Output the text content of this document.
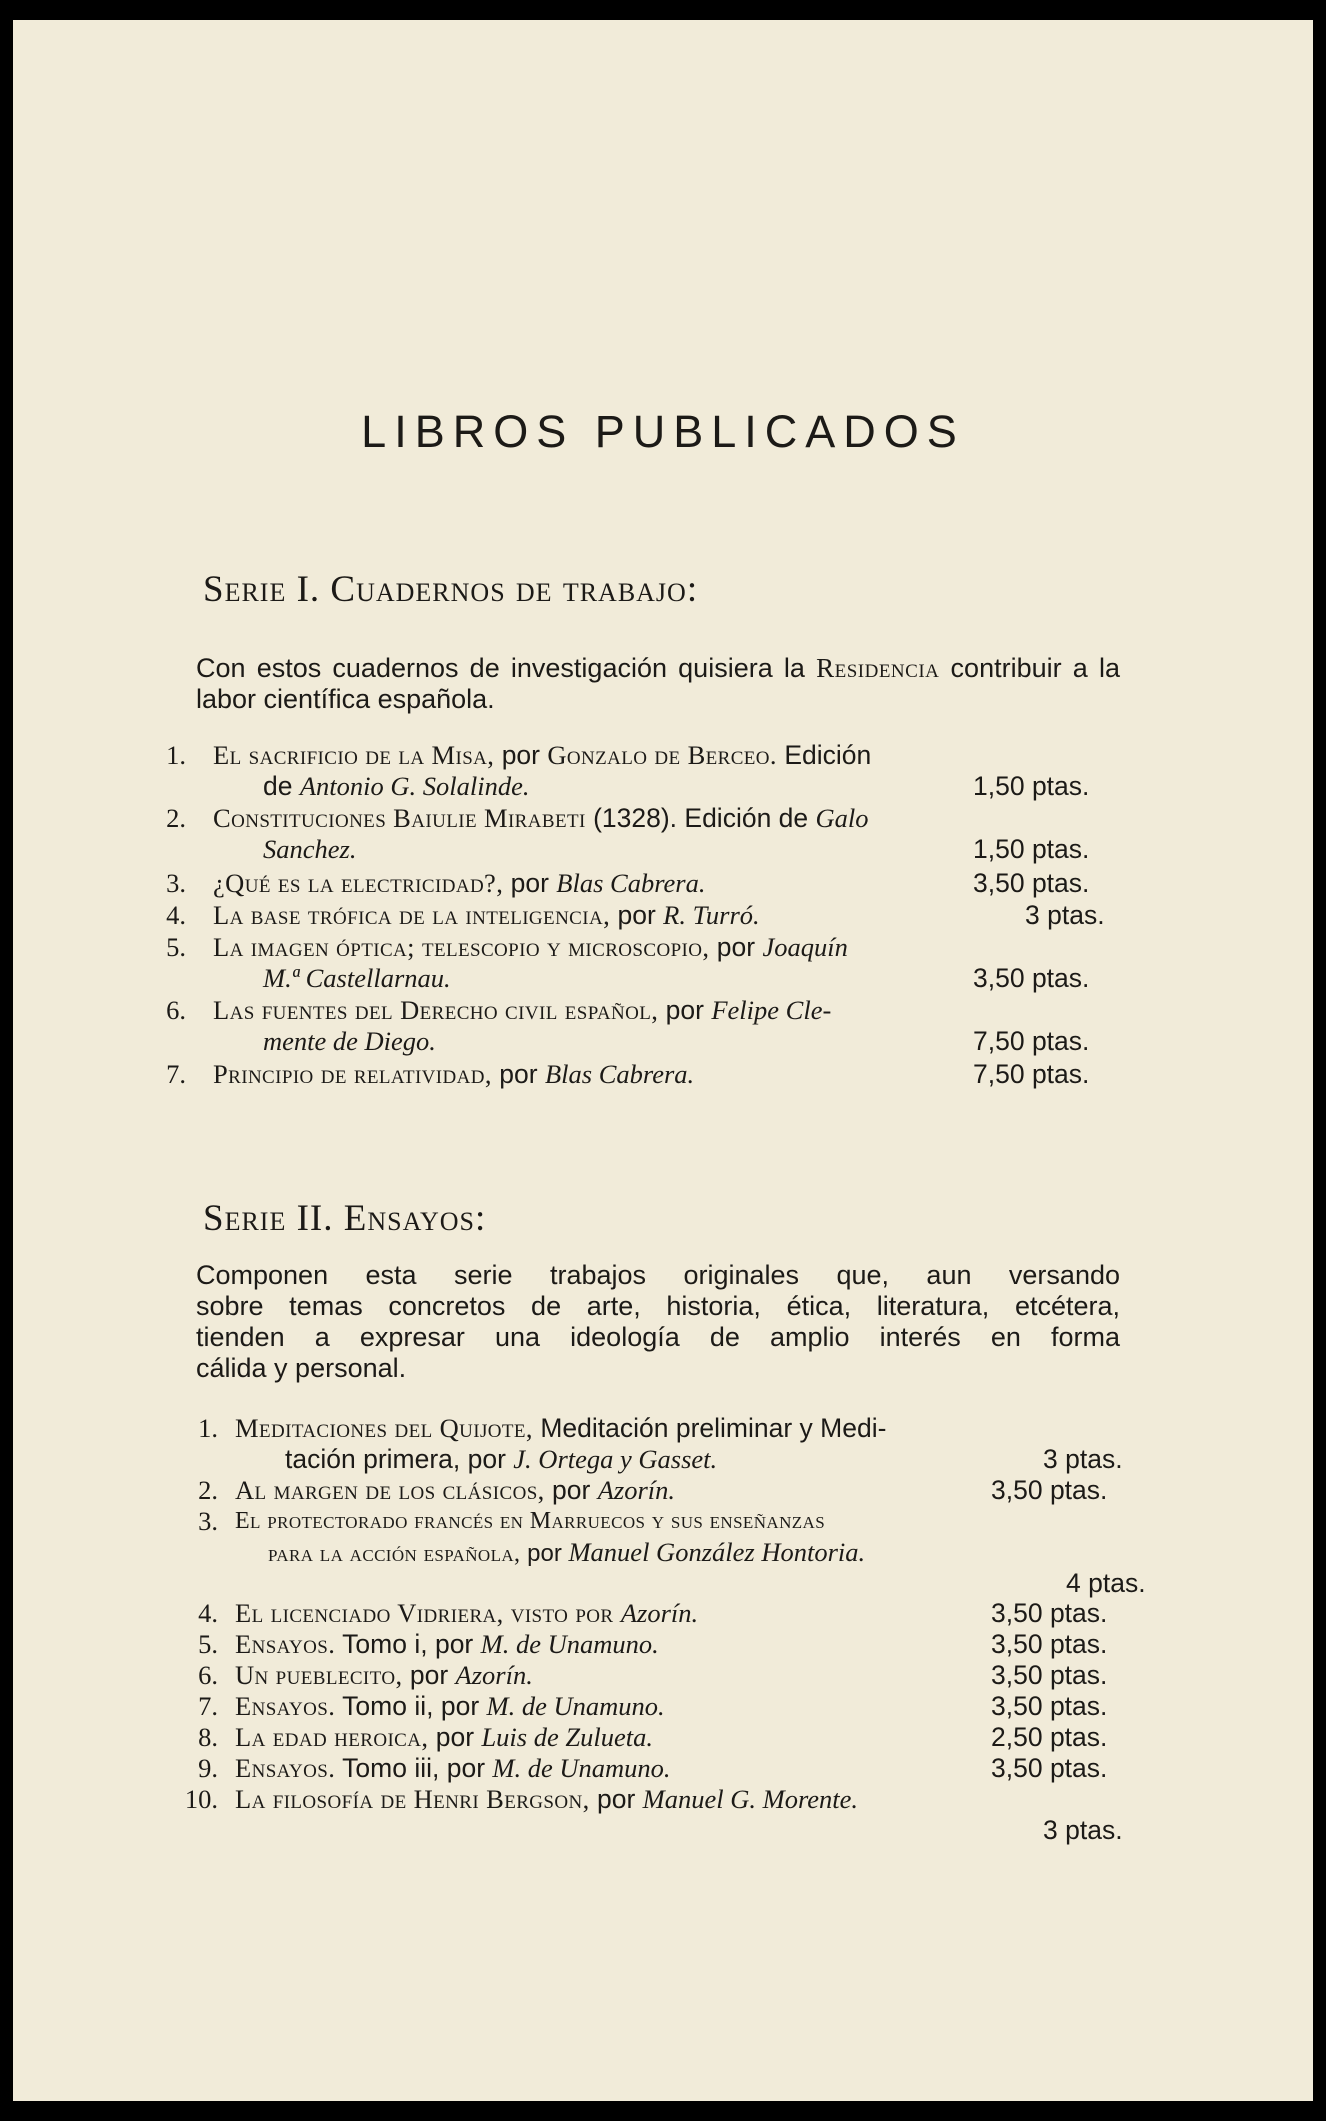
LIBROS PUBLICADOS
Serie I. Cuadernos de trabajo:
Con estos cuadernos de investigación quisiera la Residencia contribuir a la labor científica española.
1. El sacrificio de la Misa, por Gonzalo de Berceo. Edición
de Antonio G. Solalinde.	1,50 ptas.
2. Constituciones Baiulie Mirabeti (1328). Edición de Galo
Sanchez.	1,50 ptas.
3. ¿Qué es la electricidad?, por Blas Cabrera.	3,50 ptas.
4. La base trófica de la inteligencia, por R. Turró.	3 ptas.
5. La imagen óptica; telescopio y microscopio, por Joaquín
M.ª Castellarnau.	3,50 ptas.
6. Las fuentes del Derecho civil español, por Felipe Cle-
mente de Diego.	7,50 ptas.
7. Principio de relatividad, por Blas Cabrera.	7,50 ptas.
Serie II. Ensayos:
Componen esta serie trabajos originales que, aun versando
sobre temas concretos de arte, historia, ética, literatura, etcétera,
tienden a expresar una ideología de amplio interés en forma
cálida y personal.
1. Meditaciones del Quijote, Meditación preliminar y Medi-
tación primera, por J. Ortega y Gasset.	3 ptas.
2. Al margen de los clásicos, por Azorín.	3,50 ptas.
3. El protectorado francés en Marruecos y sus enseñanzas
para la acción española, por Manuel González Hontoria.
4 ptas.
4. El licenciado Vidriera, visto por Azorín.	3,50 ptas.
5. Ensayos. Tomo i, por M. de Unamuno.	3,50 ptas.
6. Un pueblecito, por Azorín.	3,50 ptas.
7. Ensayos. Tomo ii, por M. de Unamuno.	3,50 ptas.
8. La edad heroica, por Luis de Zulueta.	2,50 ptas.
9. Ensayos. Tomo iii, por M. de Unamuno.	3,50 ptas.
10. La filosofía de Henri Bergson, por Manuel G. Morente.
3 ptas.
